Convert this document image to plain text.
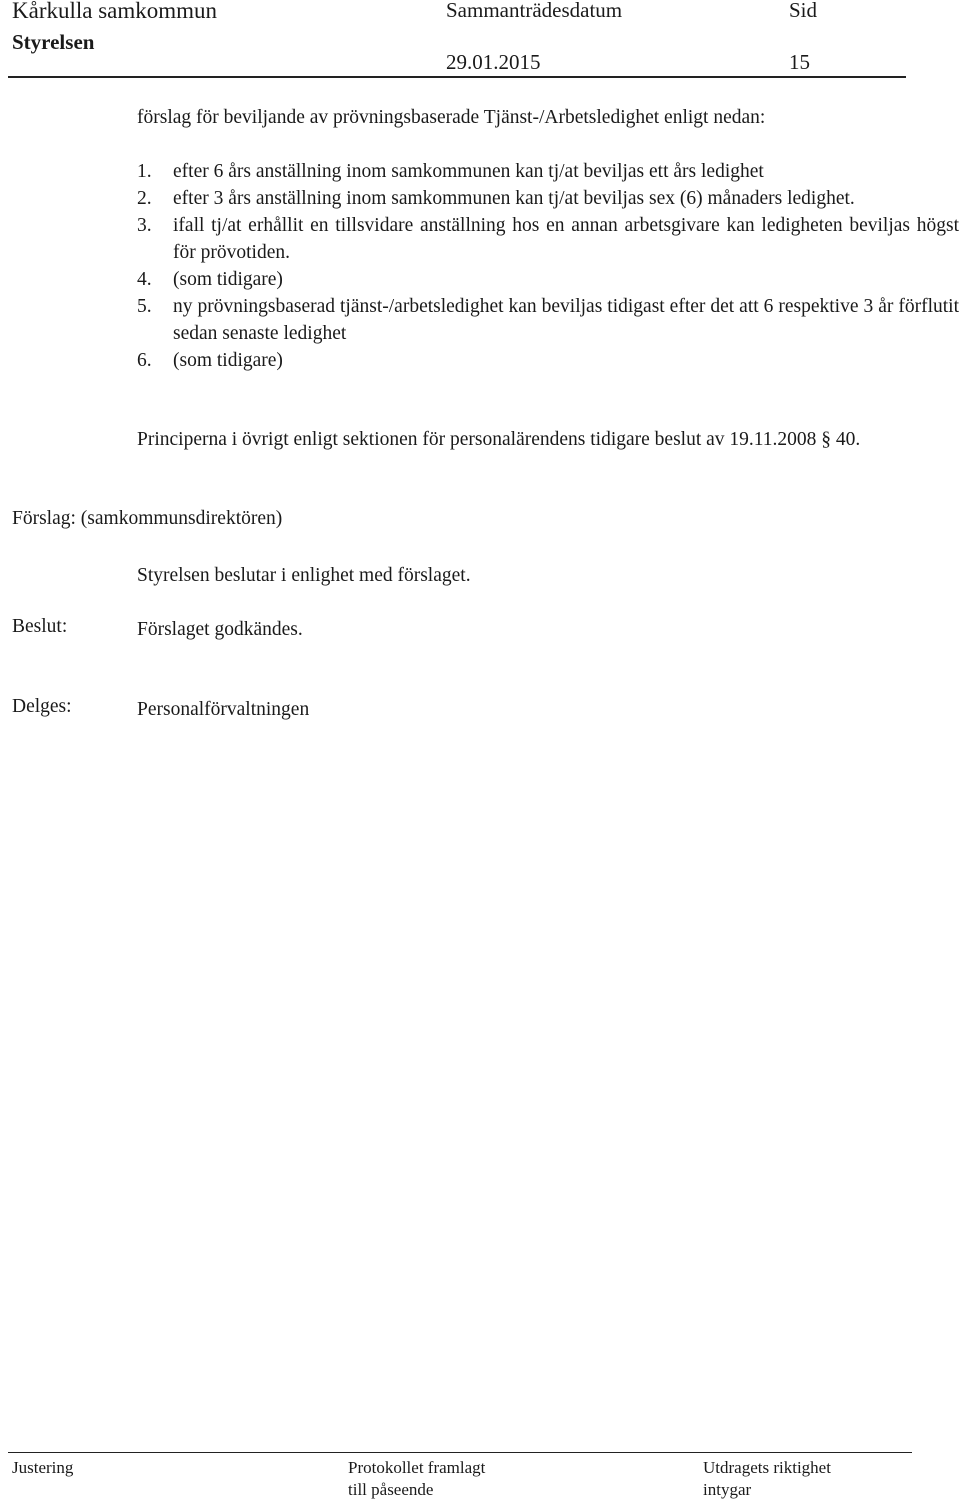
Kårkulla samkommun
Styrelsen
Sammanträdesdatum
29.01.2015
Sid
15
förslag för beviljande av prövningsbaserade Tjänst-/Arbetsledighet enligt nedan:
1. efter 6 års anställning inom samkommunen kan tj/at beviljas ett års ledighet
2. efter 3 års anställning inom samkommunen kan tj/at beviljas sex (6) månaders ledighet.
3. ifall tj/at erhållit en tillsvidare anställning hos en annan arbetsgivare kan ledigheten beviljas högst för prövotiden.
4. (som tidigare)
5. ny prövningsbaserad tjänst-/arbetsledighet kan beviljas tidigast efter det att 6 respektive 3 år förflutit sedan senaste ledighet
6. (som tidigare)
Principerna i övrigt enligt sektionen för personalärendens tidigare beslut av 19.11.2008 § 40.
Förslag: (samkommunsdirektören)
Styrelsen beslutar i enlighet med förslaget.
Beslut:	Förslaget godkändes.
Delges:	Personalförvaltningen
Justering	Protokollet framlagt
till påseende
Utdragets riktighet
intygar
